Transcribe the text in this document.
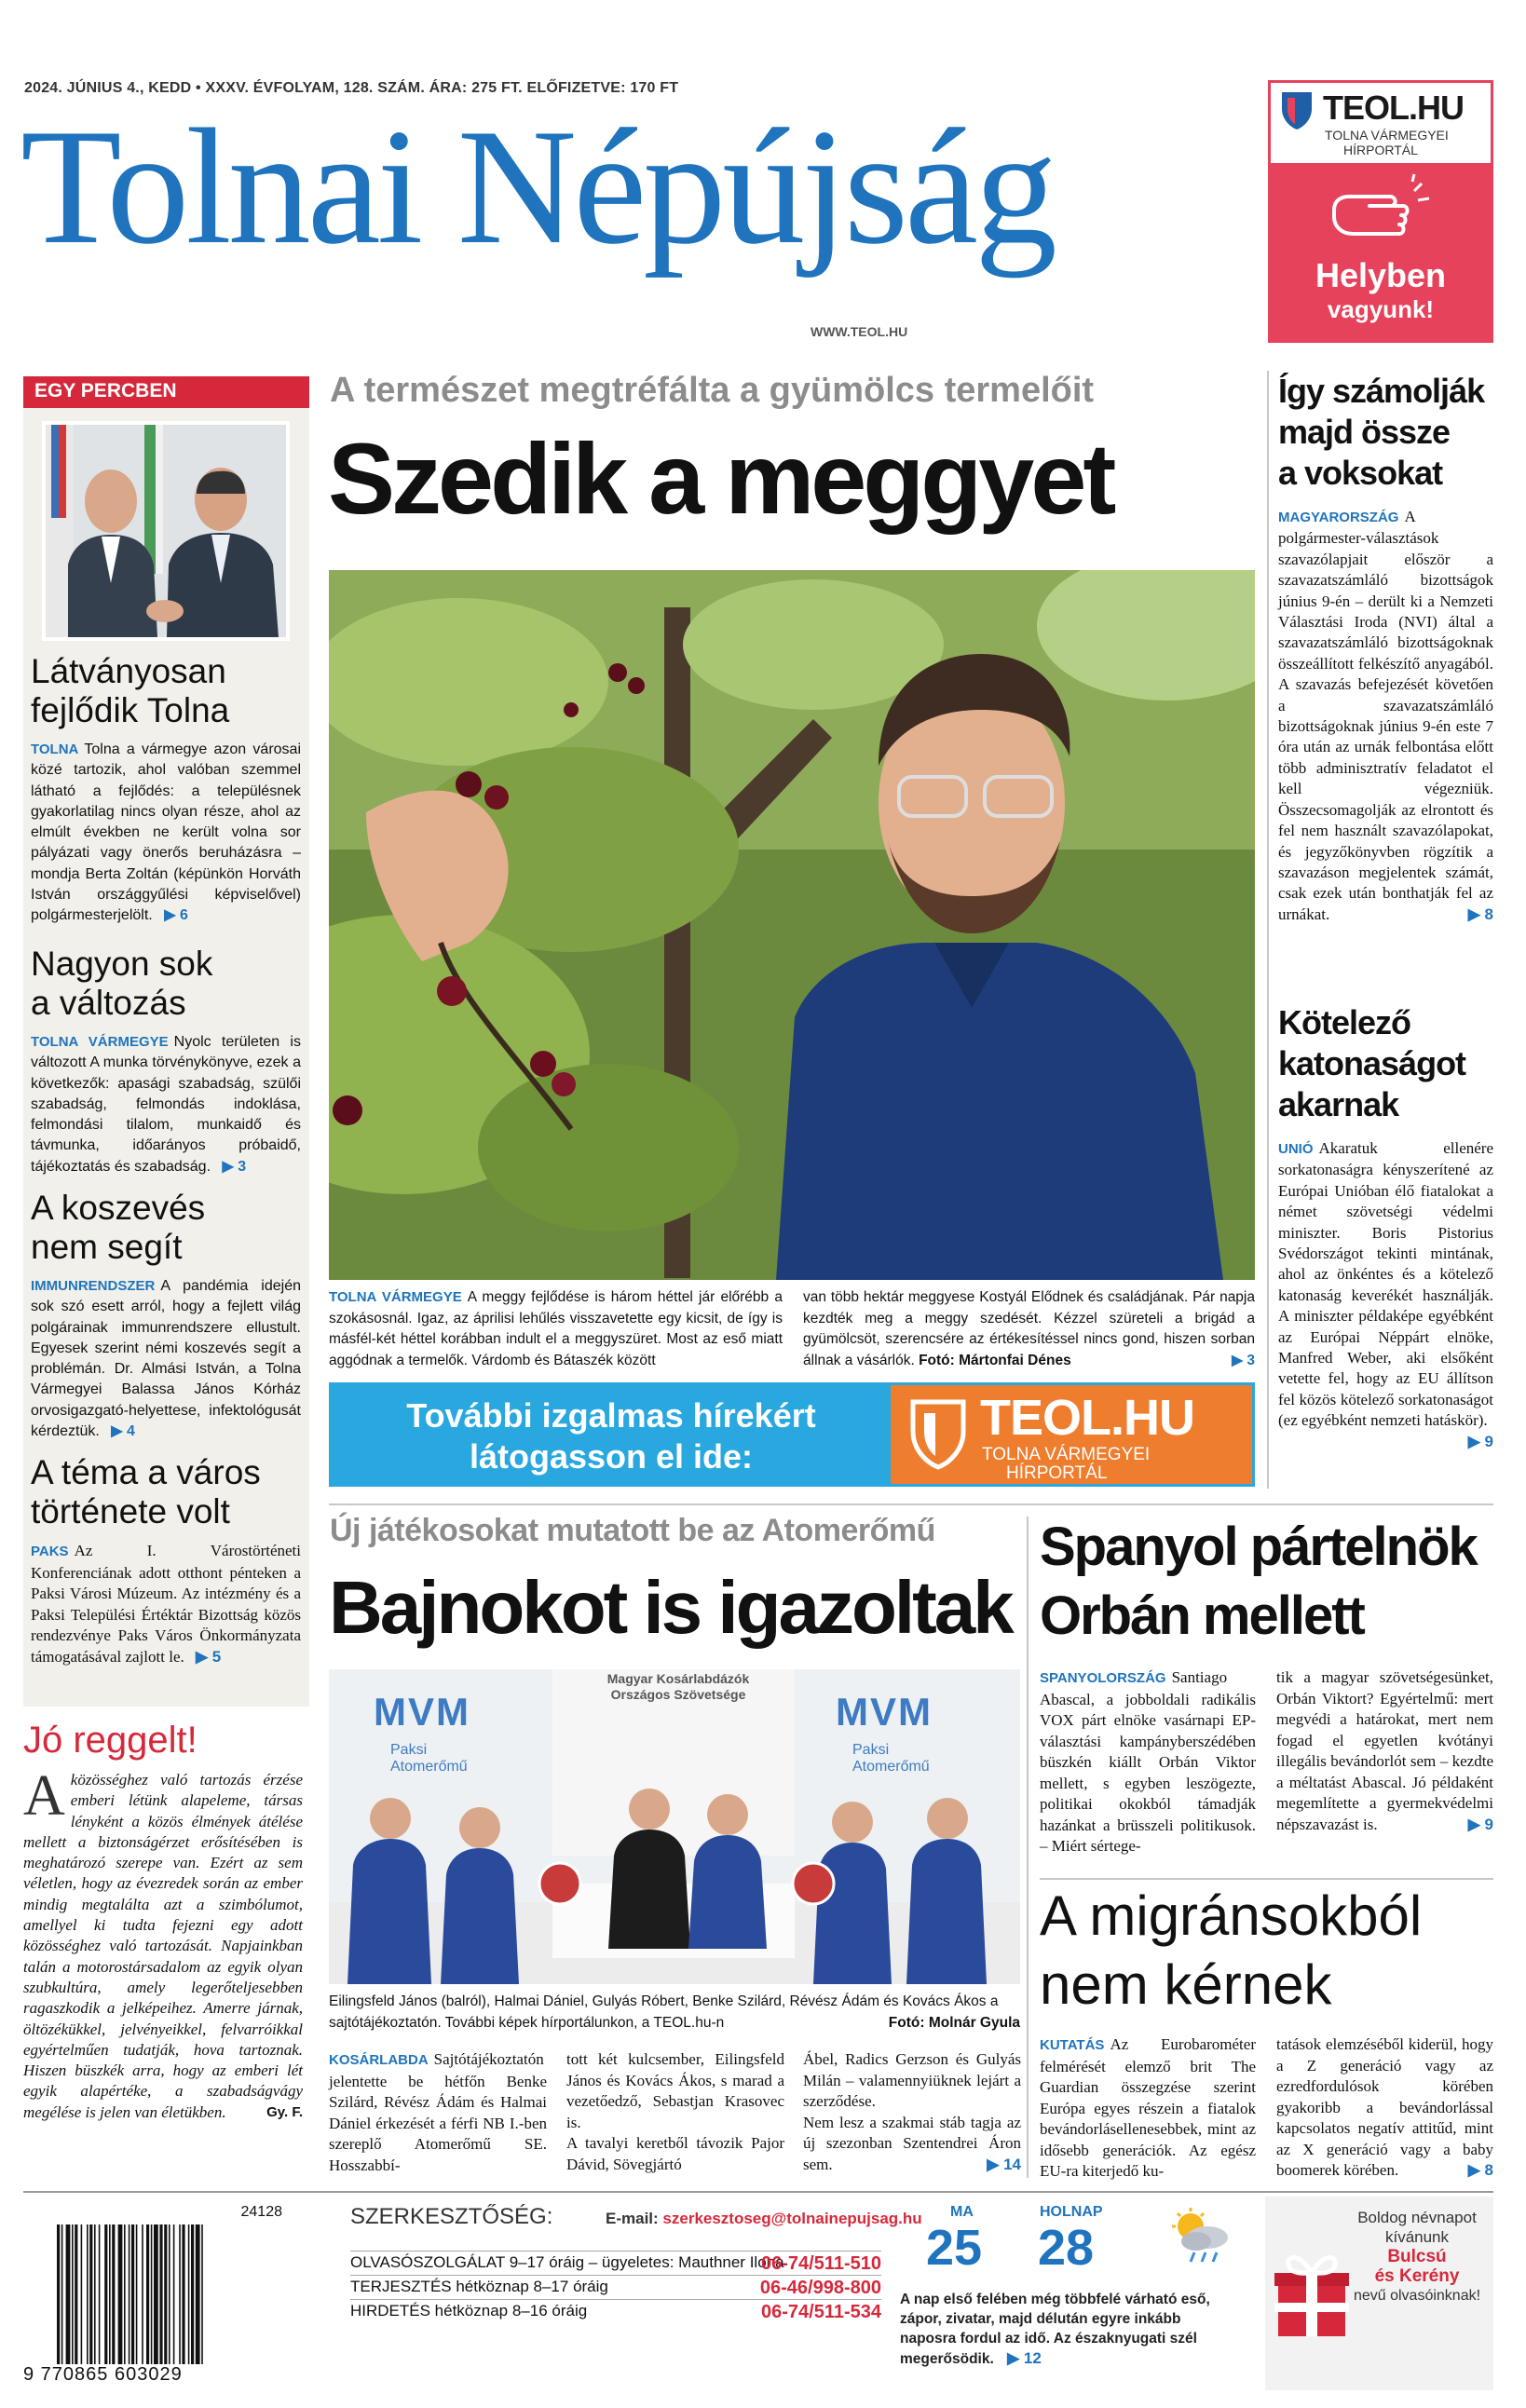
2024. JÚNIUS 4., KEDD • XXXV. ÉVFOLYAM, 128. SZÁM. ÁRA: 275 FT. ELŐFIZETVE: 170 FT
Tolnai Népújság
WWW.TEOL.HU
TEOL.HU
TOLNA VÁRMEGYEI
HÍRPORTÁL
Helyben
vagyunk!
EGY PERCBEN
Látványosan
fejlődik Tolna
TOLNA Tolna a vármegye azon városai közé tartozik, ahol valóban szemmel látható a fejlődés: a településnek gyakorlatilag nincs olyan része, ahol az elmúlt években ne került volna sor pályázati vagy önerős beruházásra – mondja Berta Zoltán (képünkön Horváth István országgyűlési képviselővel) polgármesterjelölt. ▶ 6
Nagyon sok
a változás
TOLNA VÁRMEGYE Nyolc területen is változott A munka törvénykönyve, ezek a következők: apasági szabadság, szülői szabadság, felmondás indoklása, felmondási tilalom, munkaidő és távmunka, időarányos próbaidő, tájékoztatás és szabadság. ▶ 3
A koszevés
nem segít
IMMUNRENDSZER A pandémia idején sok szó esett arról, hogy a fejlett világ polgárainak immunrendszere ellustult. Egyesek szerint némi koszevés segít a problémán. Dr. Almási István, a Tolna Vármegyei Balassa János Kórház orvosigazgató-helyettese, infektológusát kérdeztük. ▶ 4
A téma a város
története volt
PAKS Az I. Várostörténeti Konferenciának adott otthont pénteken a Paksi Városi Múzeum. Az intézmény és a Paksi Települési Értéktár Bizottság közös rendezvénye Paks Város Önkormányzata támogatásával zajlott le. ▶ 5
Jó reggelt!
Aközösséghez való tartozás érzése emberi létünk alapeleme, társas lényként a közös élmények átélése mellett a biztonságérzet erősítésében is meghatározó szerepe van. Ezért az sem véletlen, hogy az évezredek során az ember mindig megtalálta azt a szimbólumot, amellyel ki tudta fejezni egy adott közösséghez való tartozását. Napjainkban talán a motorostársadalom az egyik olyan szubkultúra, amely legerőteljesebben ragaszkodik a jelképeihez. Amerre járnak, öltözékükkel, jelvényeikkel, felvarróikkal egyértelműen tudatják, hova tartoznak. Hiszen büszkék arra, hogy az emberi lét egyik alapértéke, a szabadságvágy megélése is jelen van életükben.	Gy. F.
A természet megtréfálta a gyümölcs termelőit
Szedik a meggyet
TOLNA VÁRMEGYE A meggy fejlődése is három héttel jár előrébb a szokásosnál. Igaz, az áprilisi lehűlés visszavetette egy kicsit, de így is másfél-két héttel korábban indult el a meggyszüret. Most az eső miatt aggódnak a termelők. Várdomb és Bátaszék között
van több hektár meggyese Kostyál Elődnek és családjának. Pár napja kezdték meg a meggy szedését. Kézzel szüreteli a brigád a gyümölcsöt, szerencsére az értékesítéssel nincs gond, hiszen sorban állnak a vásárlók. Fotó: Mártonfai Dénes	▶ 3
További izgalmas hírekért
látogasson el ide:
TEOL.HU
TOLNA VÁRMEGYEI
HÍRPORTÁL
Így számolják
majd össze
a voksokat
MAGYARORSZÁG A polgármester-választások szavazólapjait először a szavazatszámláló bizottságok június 9-én – derült ki a Nemzeti Választási Iroda (NVI) által a szavazatszámláló bizottságoknak összeállított felkészítő anyagából. A szavazás befejezését követően a szavazatszámláló bizottságoknak június 9-én este 7 óra után az urnák felbontása előtt több adminisztratív feladatot el kell végezniük. Összecsomagolják az elrontott és fel nem használt szavazólapokat, és jegyzőkönyvben rögzítik a szavazáson megjelentek számát, csak ezek után bonthatják fel az urnákat.	▶ 8
Kötelező
katonaságot
akarnak
UNIÓ Akaratuk ellenére sorkatonaságra kényszerítené az Európai Unióban élő fiatalokat a német szövetségi védelmi miniszter. Boris Pistorius Svédországot tekinti mintának, ahol az önkéntes és a kötelező katonaság keverékét használják. A miniszter példaképe egyébként az Európai Néppárt elnöke, Manfred Weber, aki elsőként vetette fel, hogy az EU állítson fel közös kötelező sorkatonaságot (ez egyébként nemzeti hatáskör).
▶ 9
Új játékosokat mutatott be az Atomerőmű
Bajnokot is igazoltak
MVM
Paksi
Atomerőmű
MVM
Paksi
Atomerőmű
Magyar Kosárlabdázók
Országos Szövetsége
Eilingsfeld János (balról), Halmai Dániel, Gulyás Róbert, Benke Szilárd, Révész Ádám és Kovács Ákos a sajtótájékoztatón. További képek hírportálunkon, a TEOL.hu-n	Fotó: Molnár Gyula
KOSÁRLABDA Sajtótájékoztatón jelentette be hétfőn Benke Szilárd, Révész Ádám és Halmai Dániel érkezését a férfi NB I.-ben szereplő Atomerőmű SE. Hosszabbí-
tott két kulcsember, Eilingsfeld János és Kovács Ákos, s marad a vezetőedző, Sebastjan Krasovec is.
A tavalyi keretből távozik Pajor Dávid, Sövegjártó
Ábel, Radics Gerzson és Gulyás Milán – valamennyiüknek lejárt a szerződése.
Nem lesz a szakmai stáb tagja az új szezonban Szentendrei Áron sem.	▶ 14
Spanyol pártelnök
Orbán mellett
SPANYOLORSZÁG Santiago Abascal, a jobboldali radikális VOX párt elnöke vasárnapi EP-választási kampányberszédében büszkén kiállt Orbán Viktor mellett, s egyben leszögezte, politikai okokból támadják hazánkat a brüsszeli politikusok. – Miért sértege-
tik a magyar szövetségesünket, Orbán Viktort? Egyértelmű: mert megvédi a határokat, mert nem fogad el egyetlen kvótányi illegális bevándorlót sem – kezdte a méltatást Abascal. Jó példaként megemlítette a gyermekvédelmi népszavazást is.	▶ 9
A migránsokból
nem kérnek
KUTATÁS Az Eurobarométer felmérését elemző brit The Guardian összegzése szerint Európa egyes részein a fiatalok bevándorlásellenesebbek, mint az idősebb generációk. Az egész EU-ra kiterjedő ku-
tatások elemzéséből kiderül, hogy a Z generáció vagy az ezredfordulósok körében gyakoribb a bevándorlással kapcsolatos negatív attitűd, mint az X generáció vagy a baby boomerek körében.	▶ 8
24128
9 770865 603029
SZERKESZTŐSÉG:	E-mail: szerkesztoseg@tolnainepujsag.hu
OLVASÓSZOLGÁLAT 9–17 óráig – ügyeletes: Mauthner Ilona
06-74/511-510
TERJESZTÉS hétköznap 8–17 óráig	06-46/998-800
HIRDETÉS hétköznap 8–16 óráig	06-74/511-534
MA
25
HOLNAP
28
A nap első felében még többfelé várható eső, zápor, zivatar, majd délután egyre inkább naposra fordul az idő. Az északnyugati szél megerősödik. ▶ 12
Boldog névnapot
kívánunk
Bulcsú
és Kerény
nevű olvasóinknak!
